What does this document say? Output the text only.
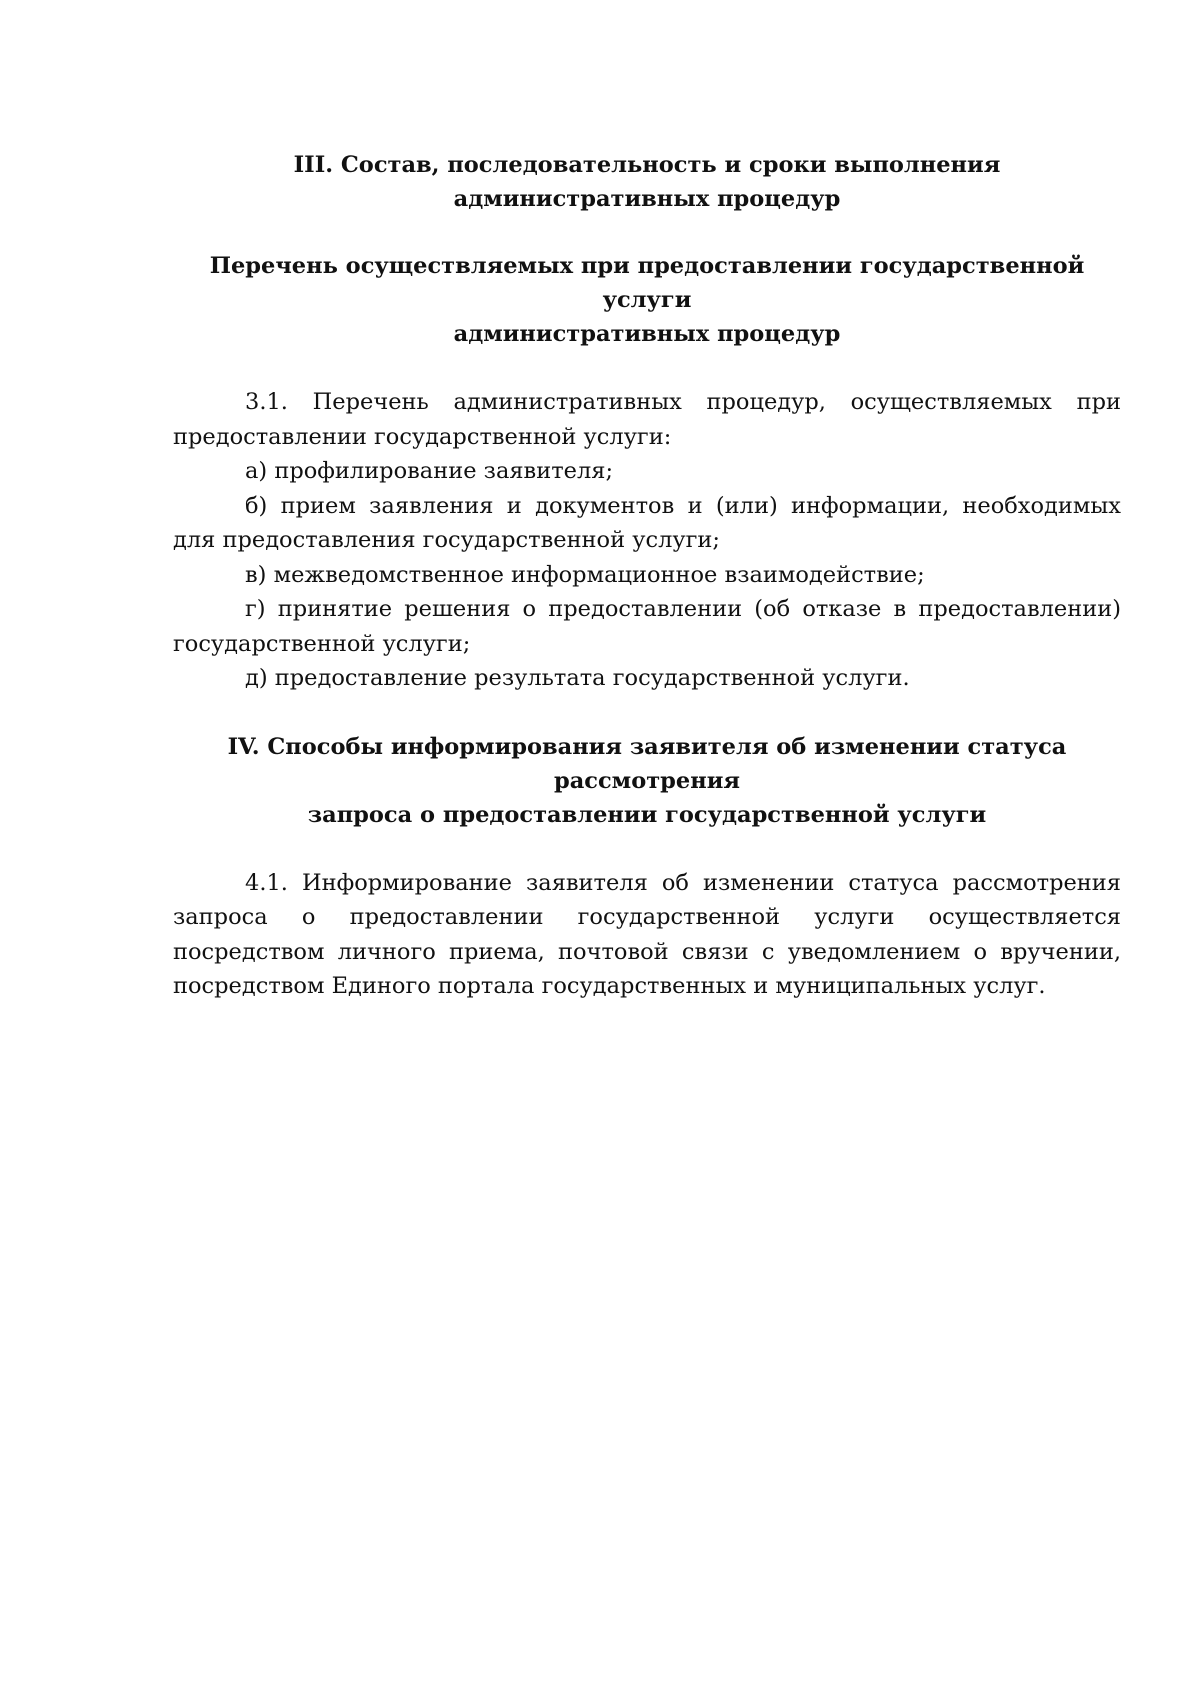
III. Состав, последовательность и сроки выполнения
административных процедур
Перечень осуществляемых при предоставлении государственной услуги
административных процедур

3.1. Перечень административных процедур, осуществляемых при предоставлении государственной услуги:

а) профилирование заявителя;

б) прием заявления и документов и (или) информации, необходимых для предоставления государственной услуги;

в) межведомственное информационное взаимодействие;

г) принятие решения о предоставлении (об отказе в предоставлении) государственной услуги;

д) предоставление результата государственной услуги.

IV. Способы информирования заявителя об изменении статуса рассмотрения
запроса о предоставлении государственной услуги

4.1. Информирование заявителя об изменении статуса рассмотрения запроса о предоставлении государственной услуги осуществляется посредством личного приема, почтовой связи с уведомлением о вручении, посредством Единого портала государственных и муниципальных услуг.
